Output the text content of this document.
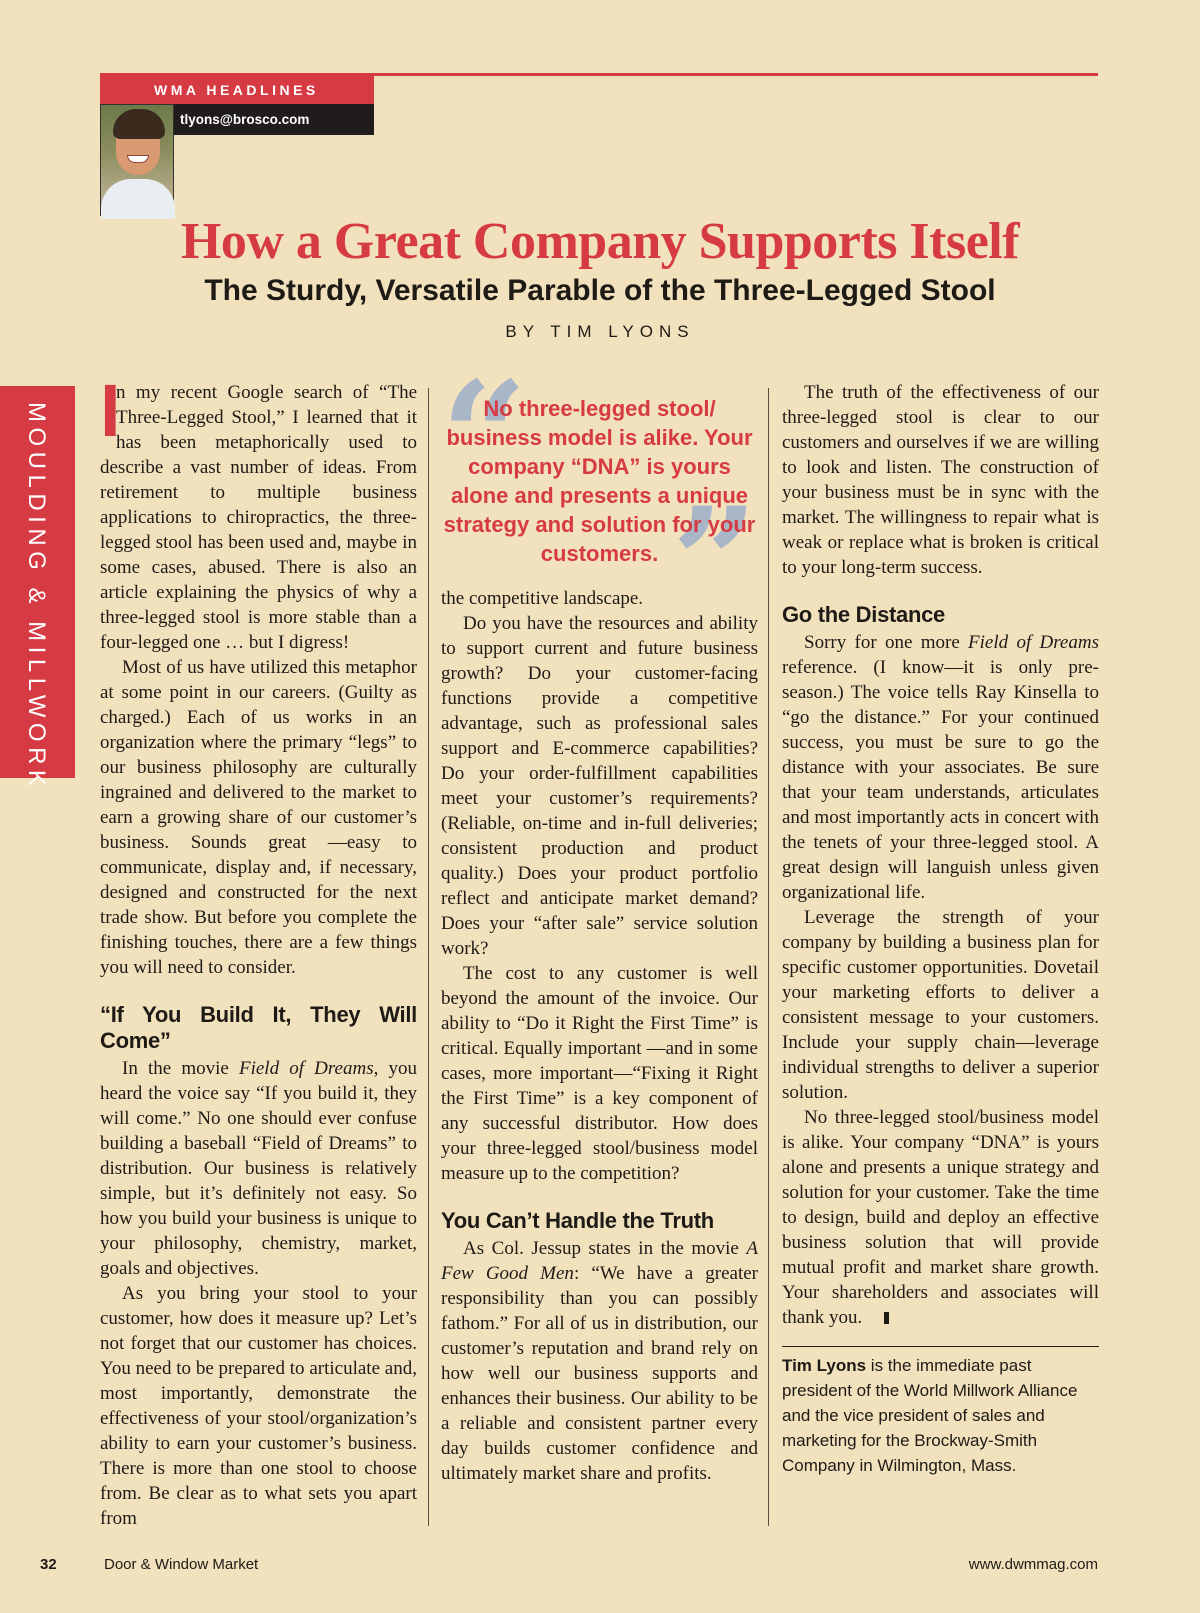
WMA HEADLINES
tlyons@brosco.com
MOULDING & MILLWORK
How a Great Company Supports Itself
The Sturdy, Versatile Parable of the Three-Legged Stool
BY TIM LYONS

I
n my recent Google search of “The Three-Legged Stool,” I learned that it has been metaphorically used to describe a vast number of ideas. From retirement to multiple business applications to chiropractics, the three-legged stool has been used and, maybe in some cases, abused. There is also an article explaining the physics of why a three-legged stool is more stable than a four-legged one … but I digress!

Most of us have utilized this metaphor at some point in our careers. (Guilty as charged.) Each of us works in an organization where the primary “legs” to our business philosophy are culturally ingrained and delivered to the market to earn a growing share of our customer’s business. Sounds great —easy to communicate, display and, if necessary, designed and constructed for the next trade show. But before you complete the finishing touches, there are a few things you will need to consider.

“If You Build It, They Will Come”

In the movie Field of Dreams, you heard the voice say “If you build it, they will come.” No one should ever confuse building a baseball “Field of Dreams” to distribution. Our business is relatively simple, but it’s definitely not easy. So how you build your business is unique to your philosophy, chemistry, market, goals and objectives.

As you bring your stool to your customer, how does it measure up? Let’s not forget that our customer has choices. You need to be prepared to articulate and, most importantly, demonstrate the effectiveness of your stool/organization’s ability to earn your customer’s business. There is more than one stool to choose from. Be clear as to what sets you apart from

“
”
No three-legged stool/ business model is alike. Your company “DNA” is yours alone and presents a unique strategy and solution for your customers.

the competitive landscape.

Do you have the resources and ability to support current and future business growth? Do your customer-facing functions provide a competitive advantage, such as professional sales support and E-commerce capabilities? Do your order-fulfillment capabilities meet your customer’s requirements? (Reliable, on-time and in-full deliveries; consistent production and product quality.) Does your product portfolio reflect and anticipate market demand? Does your “after sale” service solution work?

The cost to any customer is well beyond the amount of the invoice. Our ability to “Do it Right the First Time” is critical. Equally important —and in some cases, more important—“Fixing it Right the First Time” is a key component of any successful distributor. How does your three-legged stool/business model measure up to the competition?

You Can’t Handle the Truth

As Col. Jessup states in the movie A Few Good Men: “We have a greater responsibility than you can possibly fathom.” For all of us in distribution, our customer’s reputation and brand rely on how well our business supports and enhances their business. Our ability to be a reliable and consistent partner every day builds customer confidence and ultimately market share and profits.

The truth of the effectiveness of our three-legged stool is clear to our customers and ourselves if we are willing to look and listen. The construction of your business must be in sync with the market. The willingness to repair what is weak or replace what is broken is critical to your long-term success.

Go the Distance

Sorry for one more Field of Dreams reference. (I know—it is only pre-season.) The voice tells Ray Kinsella to “go the distance.” For your continued success, you must be sure to go the distance with your associates. Be sure that your team understands, articulates and most importantly acts in concert with the tenets of your three-legged stool. A great design will languish unless given organizational life.

Leverage the strength of your company by building a business plan for specific customer opportunities. Dovetail your marketing efforts to deliver a consistent message to your customers. Include your supply chain—leverage individual strengths to deliver a superior solution.

No three-legged stool/business model is alike. Your company “DNA” is yours alone and presents a unique strategy and solution for your customer. Take the time to design, build and deploy an effective business solution that will provide mutual profit and market share growth. Your shareholders and associates will thank you.

Tim Lyons is the immediate past president of the World Millwork Alliance and the vice president of sales and marketing for the Brockway-Smith Company in Wilmington, Mass.

32	Door & Window Market	www.dwmmag.com
